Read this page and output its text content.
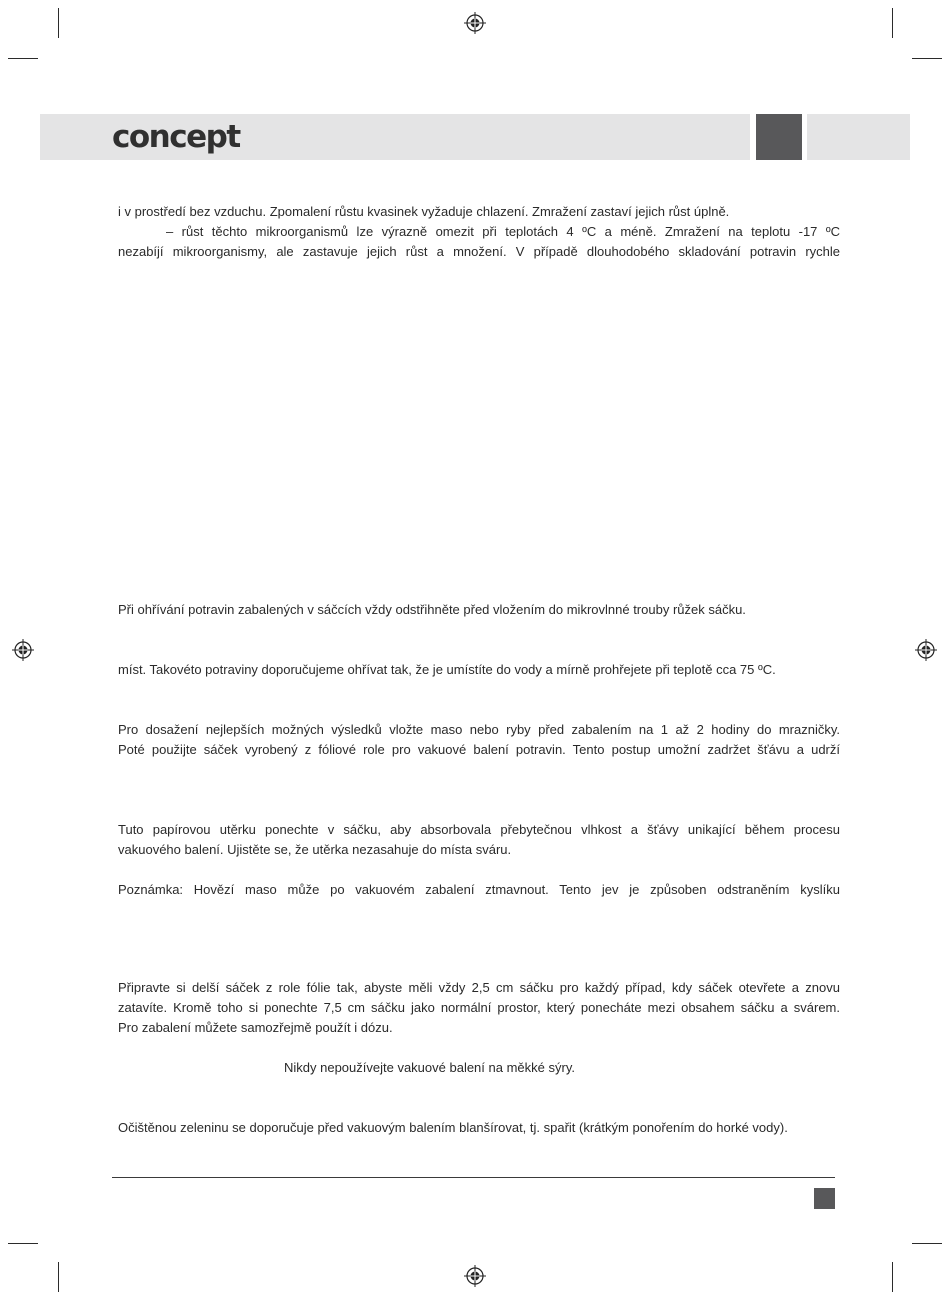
concept
i v prostředí bez vzduchu. Zpomalení růstu kvasinek vyžaduje chlazení. Zmražení zastaví jejich růst úplně.
– růst těchto mikroorganismů lze výrazně omezit při teplotách 4 ºC a méně. Zmražení na teplotu -17 ºC
nezabíjí mikroorganismy, ale zastavuje jejich růst a množení. V případě dlouhodobého skladování potravin rychle
Při ohřívání potravin zabalených v sáčcích vždy odstřihněte před vložením do mikrovlnné trouby růžek sáčku.
míst. Takovéto potraviny doporučujeme ohřívat tak, že je umístíte do vody a mírně prohřejete při teplotě cca 75 ºC.
Pro dosažení nejlepších možných výsledků vložte maso nebo ryby před zabalením na 1 až 2 hodiny do mrazničky.
Poté použijte sáček vyrobený z fóliové role pro vakuové balení potravin. Tento postup umožní zadržet šťávu a udrží
Tuto papírovou utěrku ponechte v sáčku, aby absorbovala přebytečnou vlhkost a šťávy unikající během procesu
vakuového balení. Ujistěte se, že utěrka nezasahuje do místa sváru.
Poznámka: Hovězí maso může po vakuovém zabalení ztmavnout. Tento jev je způsoben odstraněním kyslíku
Připravte si delší sáček z role fólie tak, abyste měli vždy 2,5 cm sáčku pro každý případ, kdy sáček otevřete a znovu
zatavíte. Kromě toho si ponechte 7,5 cm sáčku jako normální prostor, který ponecháte mezi obsahem sáčku a svárem.
Pro zabalení můžete samozřejmě použít i dózu.
Nikdy nepoužívejte vakuové balení na měkké sýry.
Očištěnou zeleninu se doporučuje před vakuovým balením blanšírovat, tj. spařit (krátkým ponořením do horké vody).
